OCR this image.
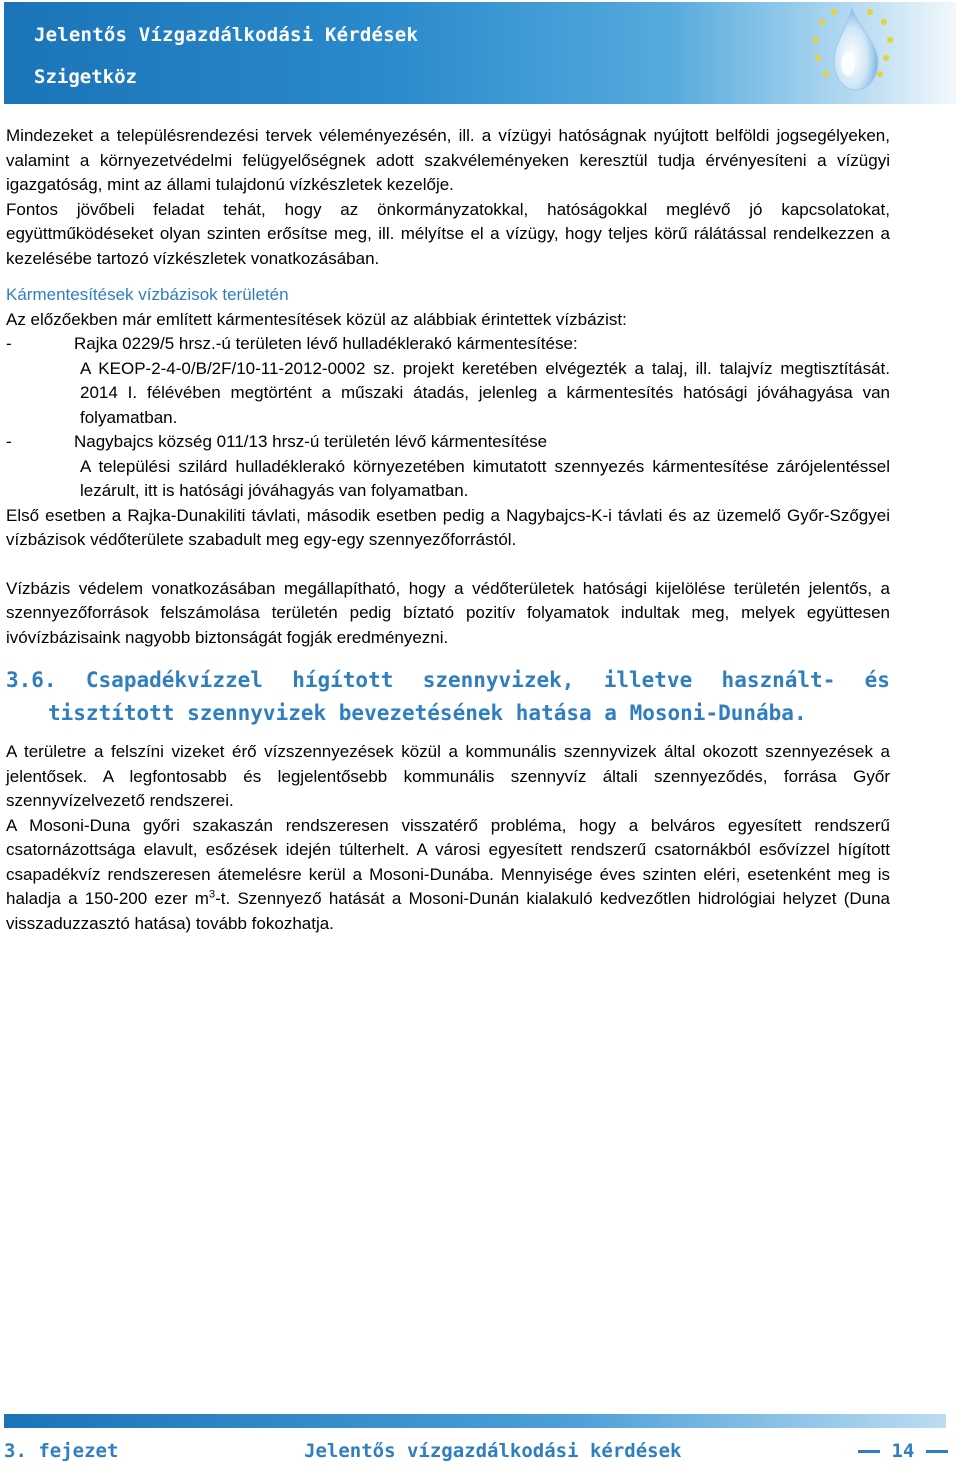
Jelentős Vízgazdálkodási Kérdések
Szigetköz

Mindezeket a településrendezési tervek véleményezésén, ill. a vízügyi hatóságnak nyújtott belföldi jogsegélyeken, valamint a környezetvédelmi felügyelőségnek adott szakvéleményeken keresztül tudja érvényesíteni a vízügyi igazgatóság, mint az állami tulajdonú vízkészletek kezelője.

Fontos jövőbeli feladat tehát, hogy az önkormányzatokkal, hatóságokkal meglévő jó kapcsolatokat, együttműködéseket olyan szinten erősítse meg, ill. mélyítse el a vízügy, hogy teljes körű rálátással rendelkezzen a kezelésébe tartozó vízkészletek vonatkozásában.

Kármentesítések vízbázisok területén

Az előzőekben már említett kármentesítések közül az alábbiak érintettek vízbázist:

-	Rajka 0229/5 hrsz.-ú területen lévő hulladéklerakó kármentesítése:
A KEOP-2-4-0/B/2F/10-11-2012-0002 sz. projekt keretében elvégezték a talaj, ill. talajvíz megtisztítását. 2014 I. félévében megtörtént a műszaki átadás, jelenleg a kármentesítés hatósági jóváhagyása van folyamatban.
-	Nagybajcs község 011/13 hrsz-ú területén lévő kármentesítése
A települési szilárd hulladéklerakó környezetében kimutatott szennyezés kármentesítése zárójelentéssel lezárult, itt is hatósági jóváhagyás van folyamatban.

Első esetben a Rajka-Dunakiliti távlati, második esetben pedig a Nagybajcs-K-i távlati és az üzemelő Győr-Szőgyei vízbázisok védőterülete szabadult meg egy-egy szennyezőforrástól.

Vízbázis védelem vonatkozásában megállapítható, hogy a védőterületek hatósági kijelölése területén jelentős, a szennyezőforrások felszámolása területén pedig bíztató pozitív folyamatok indultak meg, melyek együttesen ivóvízbázisaink nagyobb biztonságát fogják eredményezni.

3.6. Csapadékvízzel hígított szennyvizek, illetve használt- és
tisztított szennyvizek bevezetésének hatása a Mosoni-Dunába.

A területre a felszíni vizeket érő vízszennyezések közül a kommunális szennyvizek által okozott szennyezések a jelentősek. A legfontosabb és legjelentősebb kommunális szennyvíz általi szennyeződés, forrása Győr szennyvízelvezető rendszerei.

A Mosoni-Duna győri szakaszán rendszeresen visszatérő probléma, hogy a belváros egyesített rendszerű csatornázottsága elavult, esőzések idején túlterhelt. A városi egyesített rendszerű csatornákból esővízzel hígított csapadékvíz rendszeresen átemelésre kerül a Mosoni-Dunába. Mennyisége éves szinten eléri, esetenként meg is haladja a 150-200 ezer $m^3-t$. Szennyező hatását a Mosoni-Dunán kialakuló kedvezőtlen hidrológiai helyzet (Duna visszaduzzasztó hatása) tovább fokozhatja.

3. fejezet	Jelentős vízgazdálkodási kérdések	14
